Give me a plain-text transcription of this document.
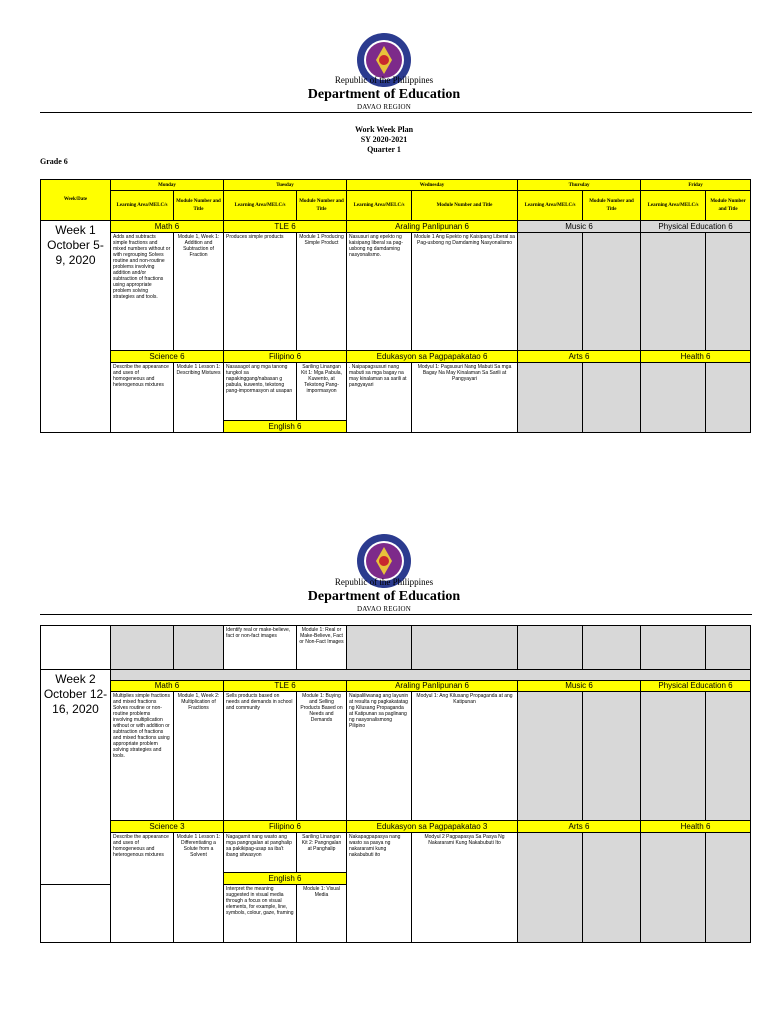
Republic of the Philippines
Department of Education
DAVAO REGION
Work Week Plan
SY 2020-2021
Quarter 1
Grade 6
Week/Date	Monday		Tuesday		Wednesday		Thursday		Friday	
	Learning Area/MELC/s	Module Number and Title	Learning Area/MELC/s	Module Number and Title	Learning Area/MELC/s	Module Number and Title	Learning Area/MELC/s	Module Number and Title	Learning Area/MELC/s	Module Number and Title
Week 1 October 5-9, 2020	Math 6		TLE 6		Araling Panlipunan 6		Music 6		Physical Education 6	
	Adds and subtracts simple fractions and mixed numbers without or with regrouping Solves routine and non-routine problems involving addition and/or subtraction of fractions using appropriate problem solving strategies and tools.	Module 1, Week 1: Addition and Subtraction of Fraction	Produces simple products	Module 1 Producing Simple Product	Nasusuri ang epekto ng kaisipang liberal sa pag-usbong ng damdaming nasyonalismo.	Module 1 Ang Epekto ng Kaisipang Liberal sa Pag-usbong ng Damdaming Nasyonalismo				
	Science 6		Filipino 6		Edukasyon sa Pagpapakatao 6		Arts 6		Health 6	
	Describe the appearance and uses of homogeneous and heterogenous mixtures	Module 1 Lesson 1: Describing Mixtures	Nasasagot ang mga tanong tungkol sa napakinggang/nabasan g pabula, kuwento, tekstong pang-impormasyon at usapan	Sariling Linangan Kit 1: Mga Pabula, Kuwento, at Tekstong Pang-impormasyon	. Naipapagsusuri nang mabuti sa mga bagay na may kinalaman sa sarili at pangyayari	Modyul 1: Pagsusuri Nang Mabuti Sa mga Bagay Na May Kinalaman Sa Sarili at Pangyayari				
			English 6							
Republic of the Philippines
Department of Education
DAVAO REGION
			Identify real or make-believe, fact or non-fact images	Module 1: Real or Make-Believe, Fact or Non-Fact Images						
Week 2 October 12-16, 2020										
	Math 6		TLE 6		Araling Panlipunan 6		Music 6		Physical Education 6	
	Multiplies simple fractions and mixed fractions Solves routine or non-routine problems involving multiplication without or with addition or subtraction of fractions and mixed fractions using appropriate problem solving strategies and tools.	Module 1, Week 2: Multiplication of Fractions	Sells products based on needs and demands in school and community	Module 1: Buying and Selling Products Based on Needs and Demands	Naipaliliwanag ang layunin at resulta ng pagkakatatag ng Kilusang Propaganda at Katipunan sa paglinang ng nasyonalismong Pilipino	Modyul 1: Ang Kilusang Propaganda at ang Katipunan				
	Science 3		Filipino 6		Edukasyon sa Pagpapakatao 3		Arts 6		Health 6	
	Describe the appearance and uses of homogeneous and heterogenous mixtures	Module 1 Lesson 1: Differentiating a Solute from a Solvent	Nagagamit nang wasto ang mga pangngalan at panghalip sa pakikipag-usap sa iba't ibang sitwasyon	Sariling Linangan Kit 2: Pangngalan at Panghalip	Nakapagpapasya nang wasto sa pasya ng nakararami kung nakabubuti ito	Modyul 2 Pagpapasya Sa Pasya Ng Nakararami Kung Nakabubuti Ito				
			English 6							
			Interpret the meaning suggested in visual media through a focus on visual elements, for example, line, symbols, colour, gaze, framing	Module 1: Visual Media						
